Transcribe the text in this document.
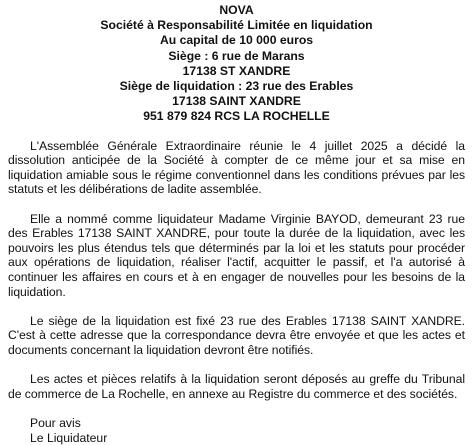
NOVA
Société à Responsabilité Limitée en liquidation
Au capital de 10 000 euros
Siège : 6 rue de Marans
17138 ST XANDRE
Siège de liquidation : 23 rue des Erables
17138 SAINT XANDRE
951 879 824 RCS LA ROCHELLE

L'Assemblée Générale Extraordinaire réunie le 4 juillet 2025 a décidé la dissolution anticipée de la Société à compter de ce même jour et sa mise en liquidation amiable sous le régime conventionnel dans les conditions prévues par les statuts et les délibérations de ladite assemblée.

Elle a nommé comme liquidateur Madame Virginie BAYOD, demeurant 23 rue des Erables 17138 SAINT XANDRE, pour toute la durée de la liquidation, avec les pouvoirs les plus étendus tels que déterminés par la loi et les statuts pour procéder aux opérations de liquidation, réaliser l'actif, acquitter le passif, et l'a autorisé à continuer les affaires en cours et à en engager de nouvelles pour les besoins de la liquidation.

Le siège de la liquidation est fixé 23 rue des Erables 17138 SAINT XANDRE. C'est à cette adresse que la correspondance devra être envoyée et que les actes et documents concernant la liquidation devront être notifiés.

Les actes et pièces relatifs à la liquidation seront déposés au greffe du Tribunal de commerce de La Rochelle, en annexe au Registre du commerce et des sociétés.

Pour avis
Le Liquidateur
